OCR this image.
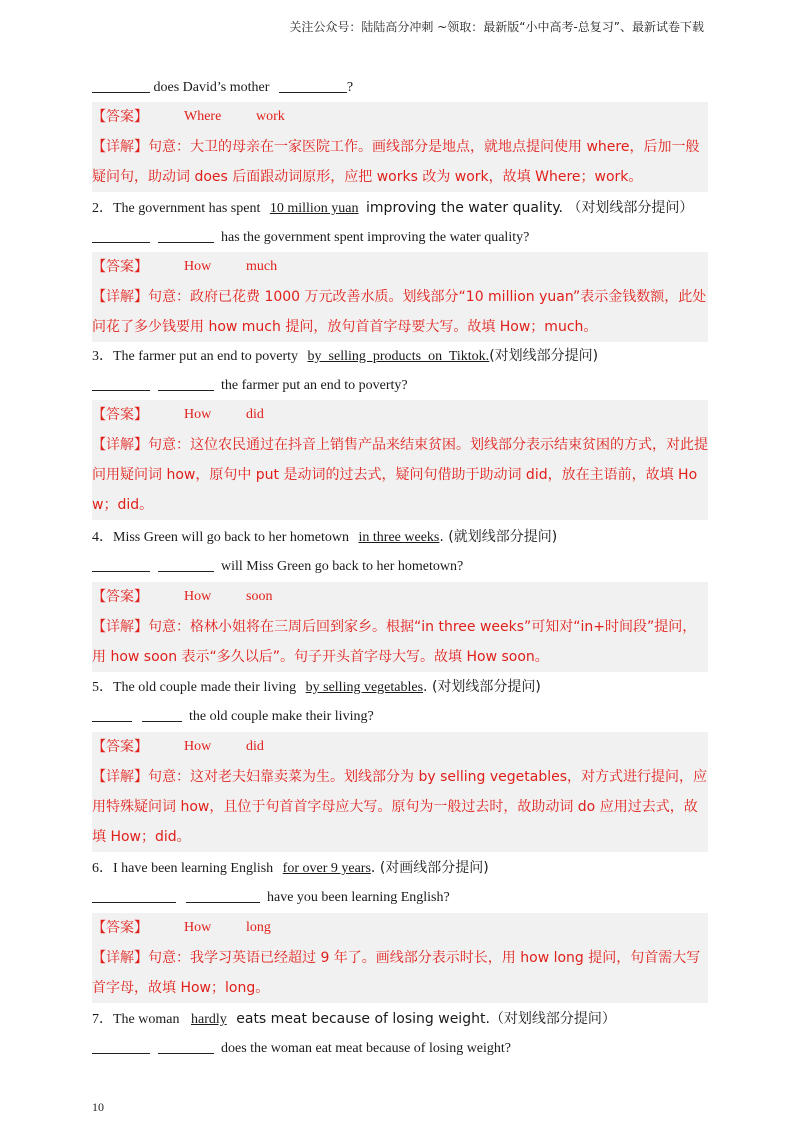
关注公众号：陆陆高分冲刺 ~领取：最新版“小中高考-总复习”、最新试卷下载
does David’s mother	?
【答案】	Where work
【详解】句意：大卫的母亲在一家医院工作。画线部分是地点，就地点提问使用 where，后加一般疑问句，助动词 does 后面跟动词原形，应把 works 改为 work，故填 Where；work。
2．The government has spent 10 million yuan improving the water quality. （对划线部分提问）
has the government spent improving the water quality?
【答案】	How much
【详解】句意：政府已花费 1000 万元改善水质。划线部分“10 million yuan”表示金钱数额，此处问花了多少钱要用 how much 提问，放句首首字母要大写。故填 How；much。
3．The farmer put an end to poverty by  selling  products  on  Tiktok.(对划线部分提问)
the farmer put an end to poverty?
【答案】	How did
【详解】句意：这位农民通过在抖音上销售产品来结束贫困。划线部分表示结束贫困的方式，对此提问用疑问词 how，原句中 put 是动词的过去式，疑问句借助于助动词 did，放在主语前，故填 How；did。
4．Miss Green will go back to her hometown in three weeks. (就划线部分提问)
will Miss Green go back to her hometown?
【答案】	How soon
【详解】句意：格林小姐将在三周后回到家乡。根据“in three weeks”可知对“in+时间段”提问，用 how soon 表示“多久以后”。句子开头首字母大写。故填 How soon。
5．The old couple made their living by selling vegetables. (对划线部分提问)
the old couple make their living?
【答案】	How did
【详解】句意：这对老夫妇靠卖菜为生。划线部分为 by selling vegetables，对方式进行提问，应用特殊疑问词 how，且位于句首首字母应大写。原句为一般过去时，故助动词 do 应用过去式，故填 How；did。
6．I have been learning English for over 9 years. (对画线部分提问)
have you been learning English?
【答案】	How long
【详解】句意：我学习英语已经超过 9 年了。画线部分表示时长，用 how long 提问，句首需大写首字母，故填 How；long。
7．The woman hardly eats meat because of losing weight.（对划线部分提问）
does the woman eat meat because of losing weight?
10
